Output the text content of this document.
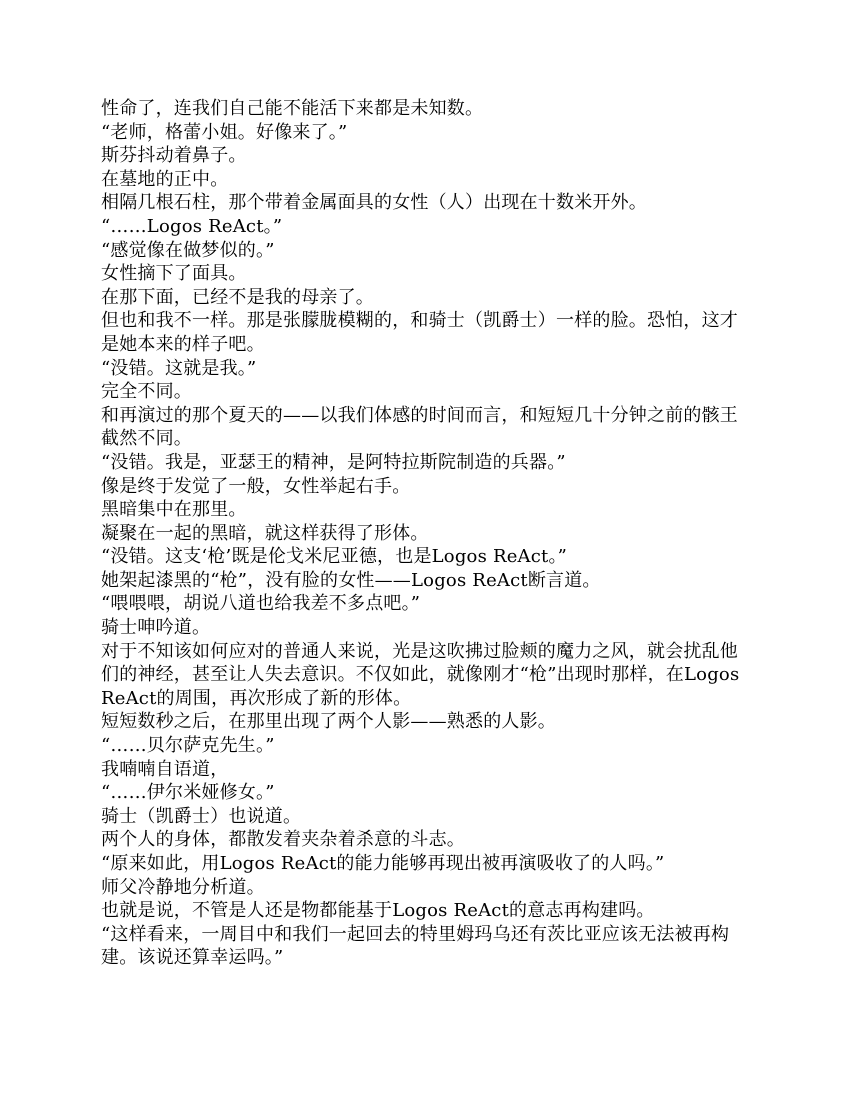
性命了，连我们自己能不能活下来都是未知数。

“老师，格蕾小姐。好像来了。”

斯芬抖动着鼻子。

在墓地的正中。

相隔几根石柱，那个带着金属面具的女性（人）出现在十数米开外。

“……Logos ReAct。”

“感觉像在做梦似的。”

女性摘下了面具。

在那下面，已经不是我的母亲了。

但也和我不一样。那是张朦胧模糊的，和骑士（凯爵士）一样的脸。恐怕，这才是她本来的样子吧。

“没错。这就是我。”

完全不同。

和再演过的那个夏天的——以我们体感的时间而言，和短短几十分钟之前的骸王截然不同。

“没错。我是，亚瑟王的精神，是阿特拉斯院制造的兵器。”

像是终于发觉了一般，女性举起右手。

黑暗集中在那里。

凝聚在一起的黑暗，就这样获得了形体。

“没错。这支‘枪’既是伦戈米尼亚德，也是Logos ReAct。”

她架起漆黑的“枪”，没有脸的女性——Logos ReAct断言道。

“喂喂喂，胡说八道也给我差不多点吧。”

骑士呻吟道。

对于不知该如何应对的普通人来说，光是这吹拂过脸颊的魔力之风，就会扰乱他们的神经，甚至让人失去意识。不仅如此，就像刚才“枪”出现时那样，在Logos ReAct的周围，再次形成了新的形体。

短短数秒之后，在那里出现了两个人影——熟悉的人影。

“……贝尔萨克先生。”

我喃喃自语道，

“……伊尔米娅修女。”

骑士（凯爵士）也说道。

两个人的身体，都散发着夹杂着杀意的斗志。

“原来如此，用Logos ReAct的能力能够再现出被再演吸收了的人吗。”

师父冷静地分析道。

也就是说，不管是人还是物都能基于Logos ReAct的意志再构建吗。

“这样看来，一周目中和我们一起回去的特里姆玛乌还有茨比亚应该无法被再构建。该说还算幸运吗。”
